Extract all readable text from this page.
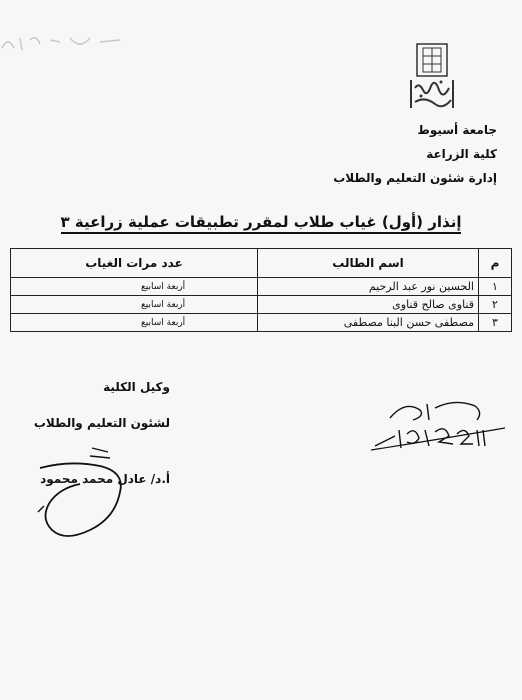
جامعة أسيوط
كلية الزراعة
إدارة شئون التعليم والطلاب
إنذار (أول) غياب طلاب لمقرر تطبيقات عملية زراعية ٣
م	اسم الطالب	عدد مرات الغياب
١	الحسين نور عبد الرحيم	أربعة اسابيع
٢	قناوى صالح قناوى	أربعة اسابيع
٣	مصطفى حسن البنا مصطفى	أربعة اسابيع
وكيل الكلية
لشئون التعليم والطلاب
أ.د/ عادل محمد محمود
